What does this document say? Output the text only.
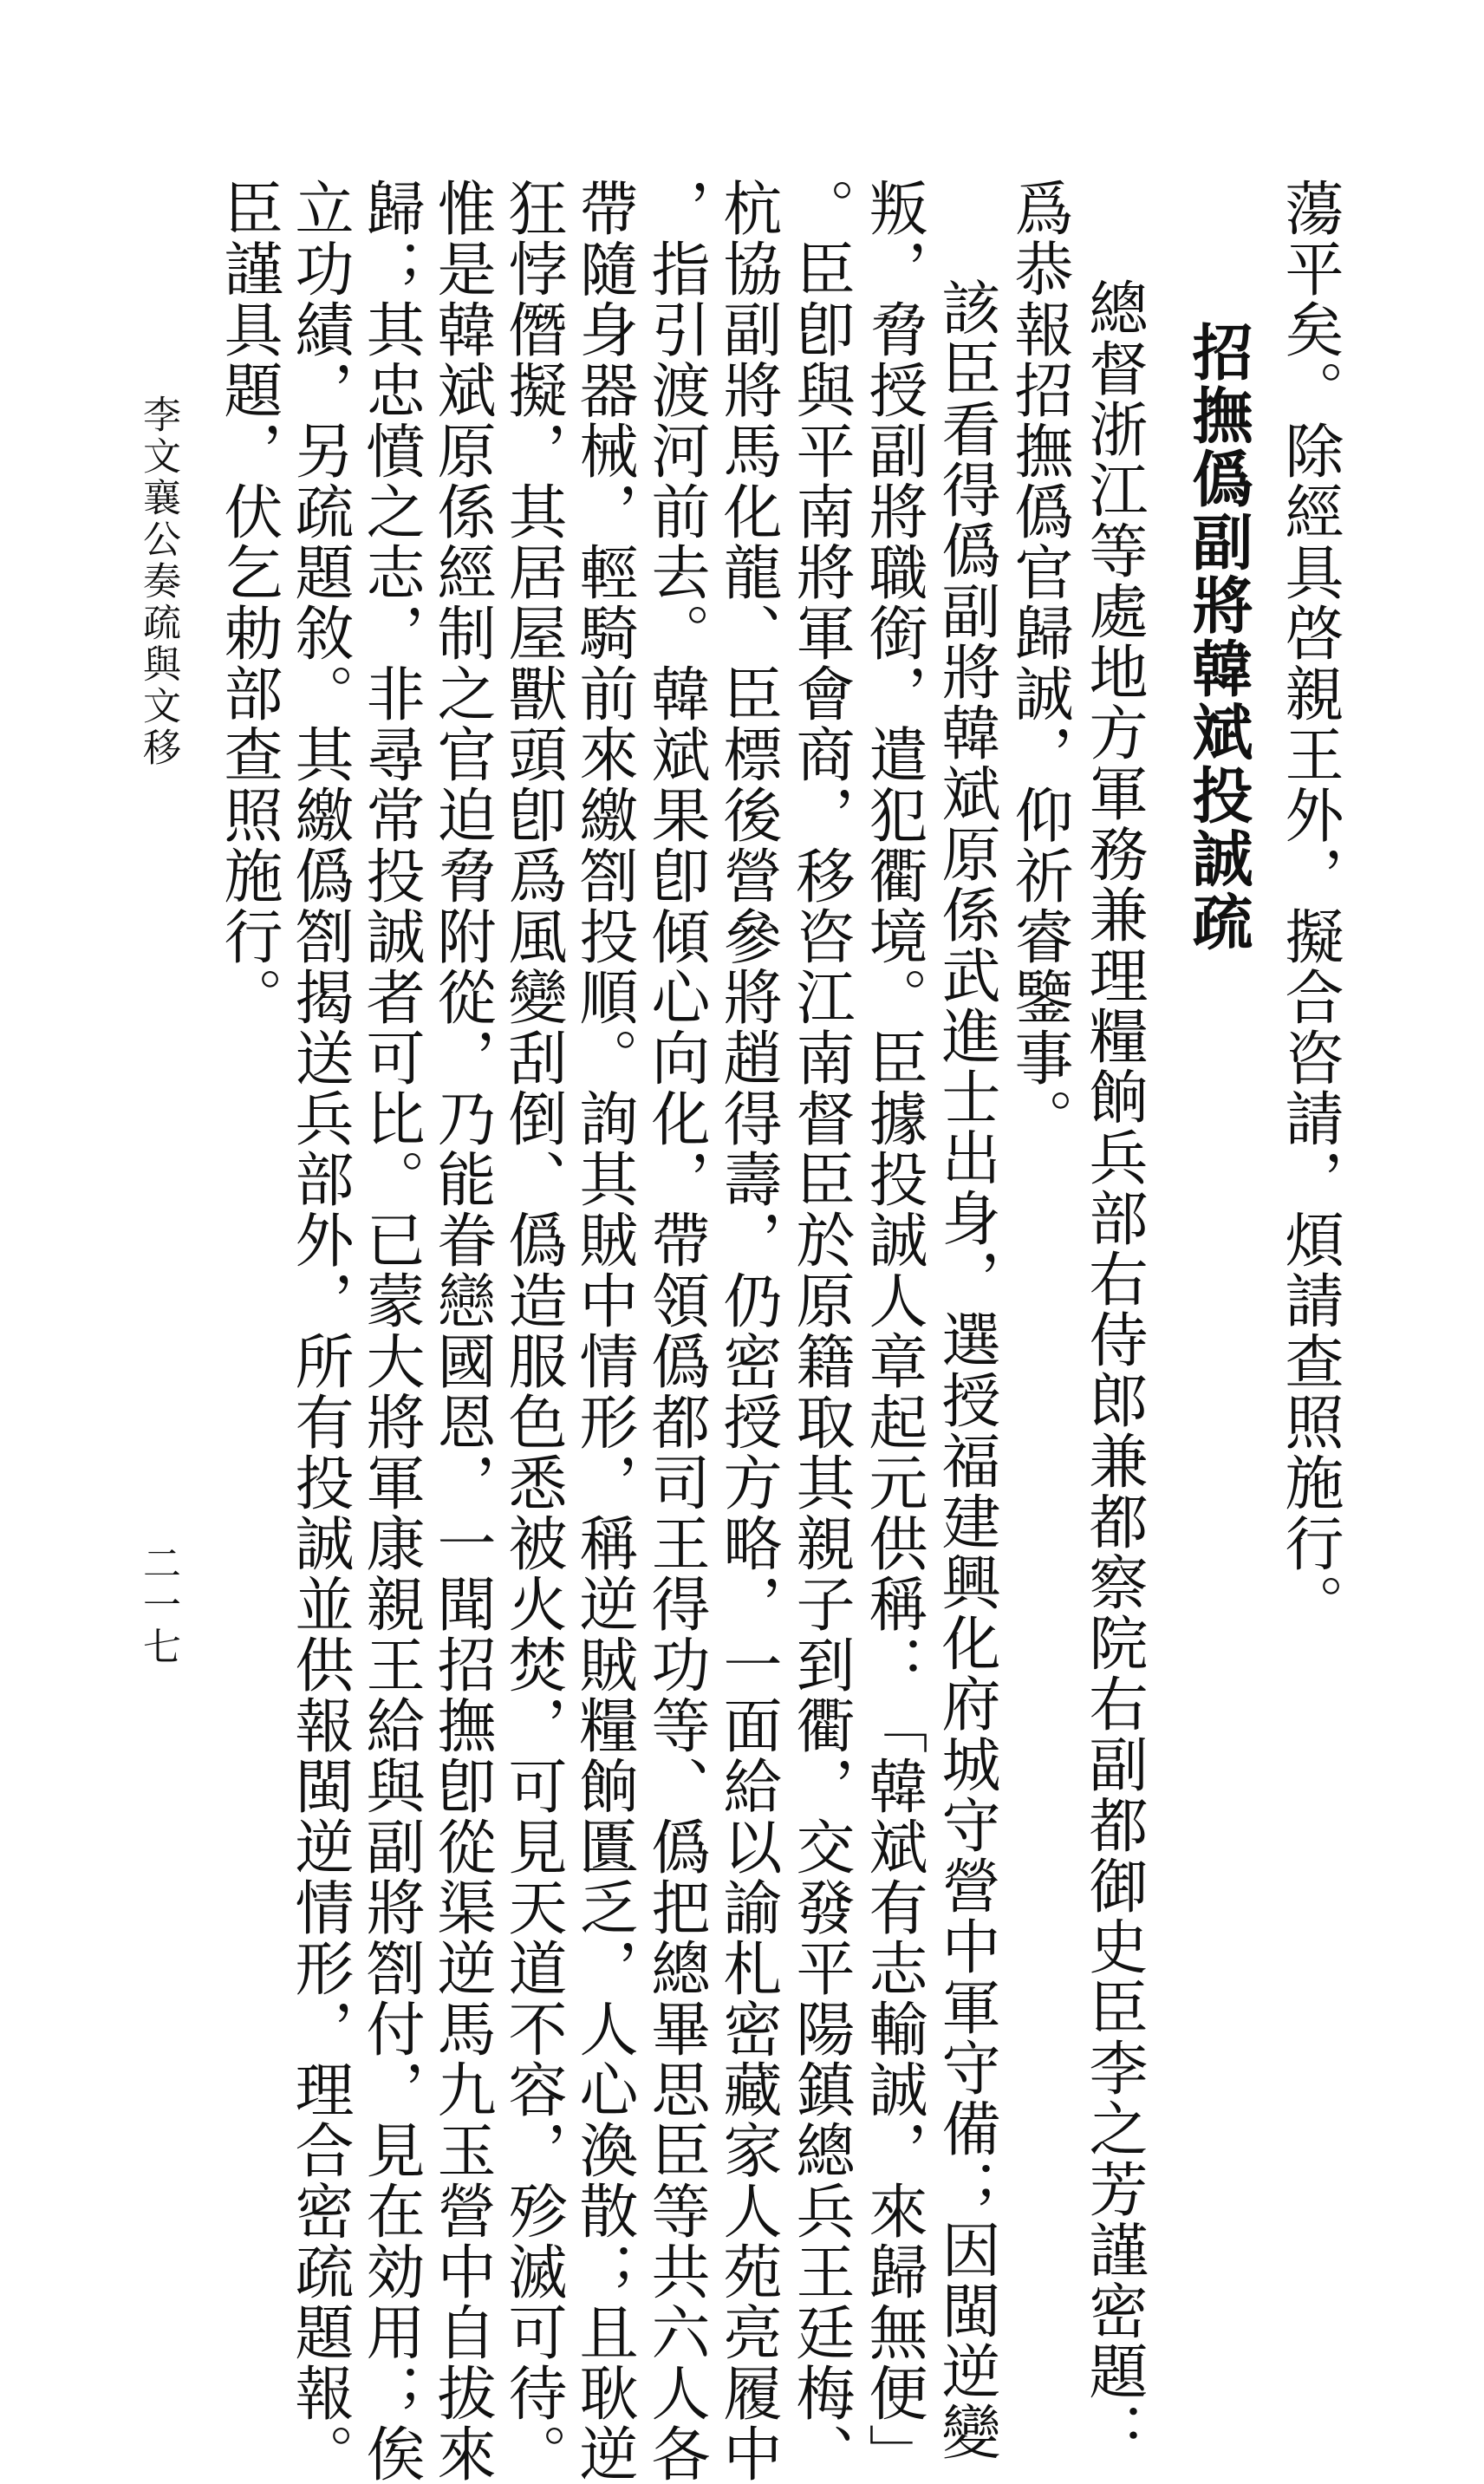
蕩平矣。除經具啓親王外，擬合咨請，煩請查照施行。
招撫僞副將韓斌投誠疏
總督浙江等處地方軍務兼理糧餉兵部右侍郎兼都察院右副都御史臣李之芳謹密題：
爲恭報招撫僞官歸誠，仰祈睿鑒事。
該臣看得僞副將韓斌原係武進士出身，選授福建興化府城守營中軍守備；因閩逆變
叛，脅授副將職銜，遣犯衢境。臣據投誠人章起元供稱：「韓斌有志輸誠，來歸無便」
。臣卽與平南將軍會商，移咨江南督臣於原籍取其親子到衢，交發平陽鎮總兵王廷梅、
杭協副將馬化龍、臣標後營參將趙得壽，仍密授方略，一面給以諭札密藏家人苑亮履中
，指引渡河前去。韓斌果卽傾心向化，帶領僞都司王得功等、僞把總畢思臣等共六人各
帶隨身器械，輕騎前來繳劄投順。詢其賊中情形，稱逆賊糧餉匱乏，人心渙散；且耿逆
狂悖僭擬，其居屋獸頭卽爲風變刮倒、僞造服色悉被火焚，可見天道不容，殄滅可待。
惟是韓斌原係經制之官迫脅附從，乃能眷戀國恩，一聞招撫卽從渠逆馬九玉營中自拔來
歸；其忠憤之志，非尋常投誠者可比。已蒙大將軍康親王給與副將劄付，見在効用；俟
立功績，另疏題敘。其繳僞劄揭送兵部外，所有投誠並供報閩逆情形，理合密疏題報。
臣謹具題，伏乞勅部查照施行。
李文襄公奏疏與文移
二一七
